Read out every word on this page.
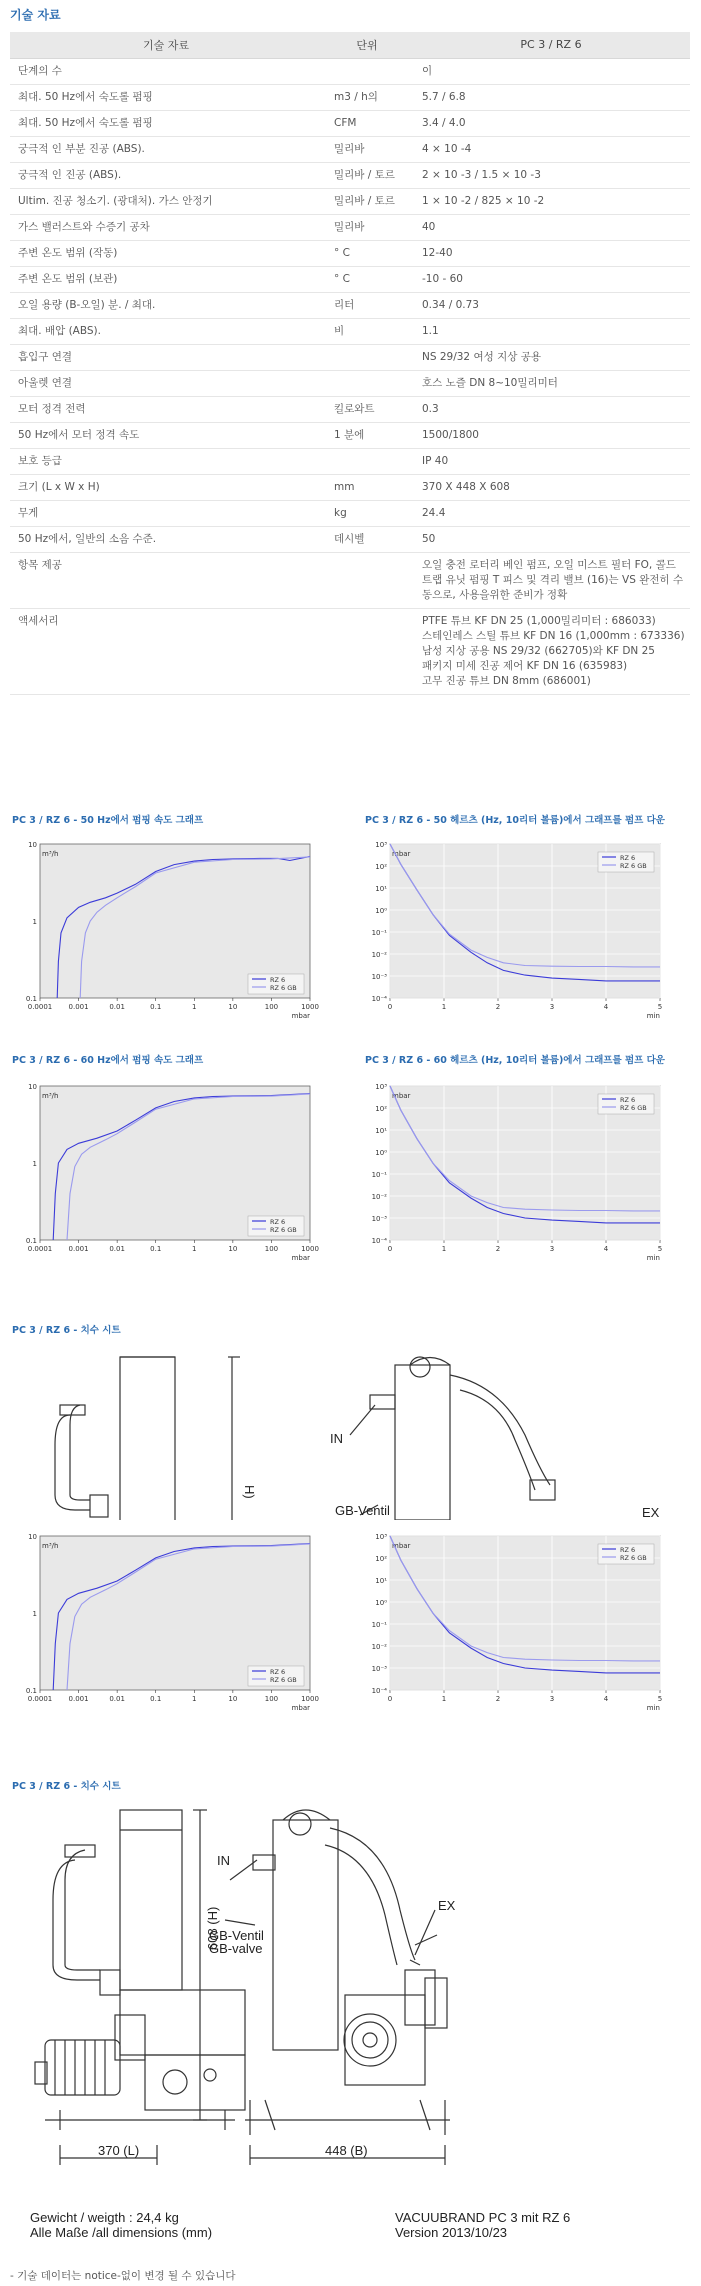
기술 자료
기술 자료	단위	PC 3 / RZ 6
단계의 수		이
최대. 50 Hz에서 숙도롤 펌핑	m3 / h의	5.7 / 6.8
최대. 50 Hz에서 숙도롤 펌핑	CFM	3.4 / 4.0
궁극적 인 부분 진공 (ABS).	밀리바	4 × 10 -4
궁극적 인 진공 (ABS).	밀리바 / 토르	2 × 10 -3 / 1.5 × 10 -3
Ultim. 진공 청소기. (광대처). 가스 안정기	밀리바 / 토르	1 × 10 -2 / 825 × 10 -2
가스 밸러스트와 수증기 공차	밀리바	40
주변 온도 범위 (작동)	° C	12-40
주변 온도 범위 (보관)	° C	-10 - 60
오일 용량 (B-오일) 분. / 최대.	리터	0.34 / 0.73
최대. 배압 (ABS).	비	1.1
흡입구 연결		NS 29/32 여성 지상 공용
아울렛 연결		호스 노즐 DN 8~10밀리미터
모터 정격 전력	킬로와트	0.3
50 Hz에서 모터 정격 속도	1 분에	1500/1800
보호 등급		IP 40
크기 (L x W x H)	mm	370 X 448 X 608
무게	kg	24.4
50 Hz에서, 일반의 소음 수준.	데시벨	50
항목 제공		오일 충전 로터리 베인 펌프, 오일 미스트 필터 FO, 콜드 트랩 유닛 펌핑 T 피스 및 격리 밸브 (16)는 VS 완전히 수동으로, 사용을위한 준비가 정확
액세서리		PTFE 튜브 KF DN 25 (1,000밀리미터 : 686033)
스테인레스 스틸 튜브 KF DN 16 (1,000mm : 673336)
남성 지상 공용 NS 29/32 (662705)와 KF DN 25
패키지 미세 진공 제어 KF DN 16 (635983)
고무 진공 튜브 DN 8mm (686001)
PC 3 / RZ 6 - 50 Hz에서 펌핑 속도 그래프	PC 3 / RZ 6 - 50 헤르츠 (Hz, 10리터 볼륨)에서 그래프를 펌프 다운
PC 3 / RZ 6 - 60 Hz에서 펌핑 속도 그래프	PC 3 / RZ 6 - 60 헤르츠 (Hz, 10리터 볼륨)에서 그래프를 펌프 다운
PC 3 / RZ 6 - 치수 시트
PC 3 / RZ 6 - 치수 시트
0.0001 0.001	0.01	0.1	1	10	100	1000
10
1
0.1
m³/h
mbar
RZ 6
RZ 6 GB
0	1	2	3	4	5
10³
10²
10¹
10⁰
10⁻¹
10⁻²
10⁻³
10⁻⁴
mbar
min
RZ 6
RZ 6 GB
0.0001 0.001	0.01	0.1	1	10	100	1000
10
1
0.1
m³/h
mbar
RZ 6
RZ 6 GB
0	1	2	3	4	5
10³
10²
10¹
10⁰
10⁻¹
10⁻²
10⁻³
10⁻⁴
mbar
min
RZ 6
RZ 6 GB
0.0001 0.001	0.01	0.1	1	10	100	1000
10
1
0.1
m³/h
mbar
RZ 6
RZ 6 GB
0	1	2	3	4	5
10³
10²
10¹
10⁰
10⁻¹
10⁻²
10⁻³
10⁻⁴
mbar
min
RZ 6
RZ 6 GB
IN
GB-Ventil	EX
H)
IN
GB-Ventil
GB-valve
EX
608 (H)
370 (L)	448 (B)
Gewicht / weigth : 24,4 kg
Alle Maße /all dimensions (mm)
VACUUBRAND PC 3 mit RZ 6
Version 2013/10/23
- 기술 데이터는 notice-없이 변경 될 수 있습니다
